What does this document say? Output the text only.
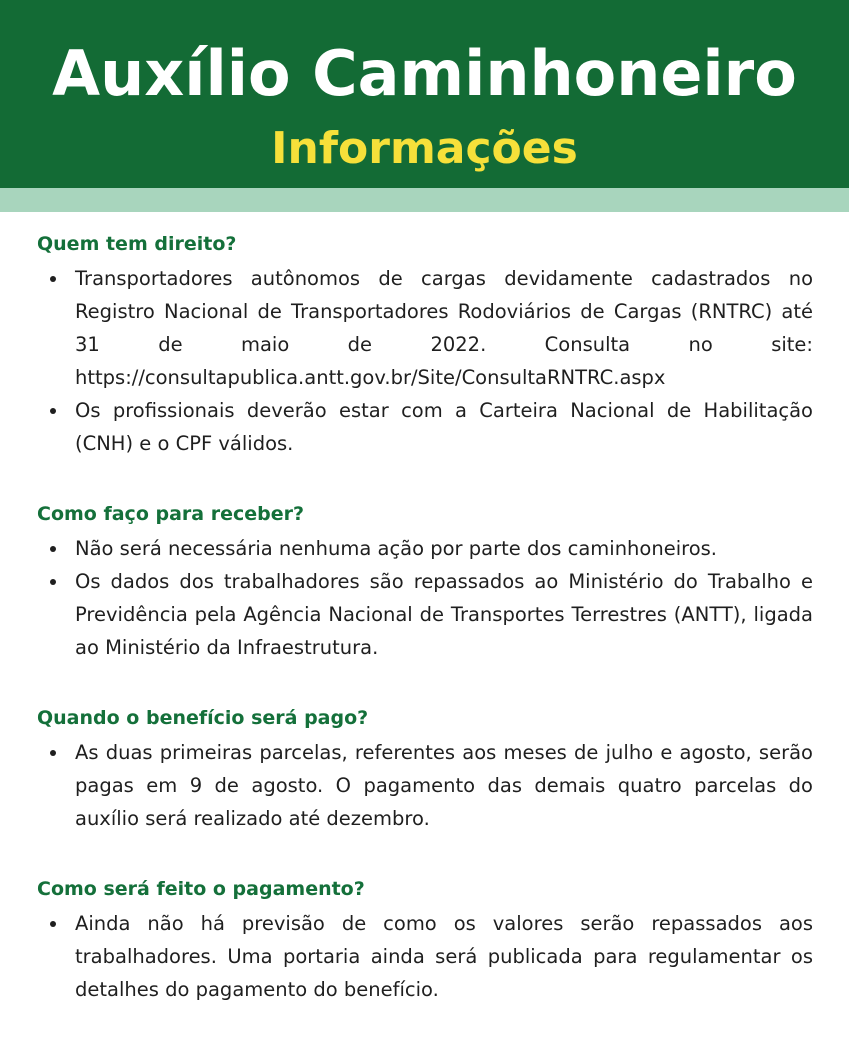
Auxílio Caminhoneiro
Informações
Quem tem direito?
Transportadores autônomos de cargas devidamente cadastrados no Registro Nacional de Transportadores Rodoviários de Cargas (RNTRC) até 31 de maio de 2022. Consulta no site: https://consultapublica.antt.gov.br/Site/ConsultaRNTRC.aspx
Os profissionais deverão estar com a Carteira Nacional de Habilitação (CNH) e o CPF válidos.
Como faço para receber?
Não será necessária nenhuma ação por parte dos caminhoneiros.
Os dados dos trabalhadores são repassados ao Ministério do Trabalho e Previdência pela Agência Nacional de Transportes Terrestres (ANTT), ligada ao Ministério da Infraestrutura.
Quando o benefício será pago?
As duas primeiras parcelas, referentes aos meses de julho e agosto, serão pagas em 9 de agosto. O pagamento das demais quatro parcelas do auxílio será realizado até dezembro.
Como será feito o pagamento?
Ainda não há previsão de como os valores serão repassados aos trabalhadores. Uma portaria ainda será publicada para regulamentar os detalhes do pagamento do benefício.
